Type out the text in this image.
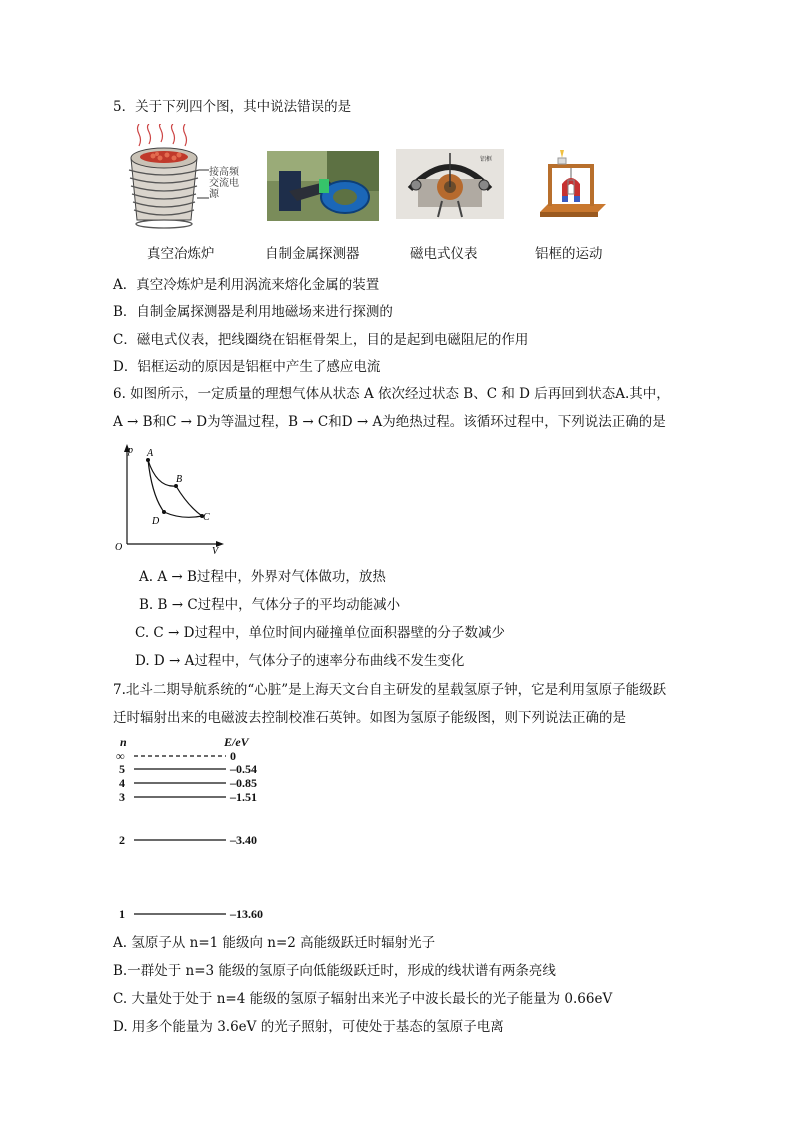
5．关于下列四个图，其中说法错误的是
接高频交流电源
铝框
真空冶炼炉	自制金属探测器	磁电式仪表	铝框的运动
A．真空冷炼炉是利用涡流来熔化金属的装置
B．自制金属探测器是利用地磁场来进行探测的
C．磁电式仪表，把线圈绕在铝框骨架上，目的是起到电磁阻尼的作用
D．铝框运动的原因是铝框中产生了感应电流
6. 如图所示，一定质量的理想气体从状态 A 依次经过状态 B、C 和 D 后再回到状态A.其中，
A → B和C → D为等温过程，B → C和D → A为绝热过程。该循环过程中，下列说法正确的是
p
V
O
A
B
C
D
A. A → B过程中，外界对气体做功，放热
B. B → C过程中，气体分子的平均动能减小
C. C → D过程中，单位时间内碰撞单位面积器壁的分子数减少
D. D → A过程中，气体分子的速率分布曲线不发生变化
7.北斗二期导航系统的“心脏”是上海天文台自主研发的星载氢原子钟，它是利用氢原子能级跃
迁时辐射出来的电磁波去控制校准石英钟。如图为氢原子能级图，则下列说法正确的是
n	E/eV
∞	0
5	–0.54
4	–0.85
3	–1.51
2	–3.40
1	–13.60
A. 氢原子从 n=1 能级向 n=2 高能级跃迁时辐射光子
B.一群处于 n=3 能级的氢原子向低能级跃迁时，形成的线状谱有两条亮线
C. 大量处于处于 n=4 能级的氢原子辐射出来光子中波长最长的光子能量为 0.66eV
D. 用多个能量为 3.6eV 的光子照射，可使处于基态的氢原子电离
